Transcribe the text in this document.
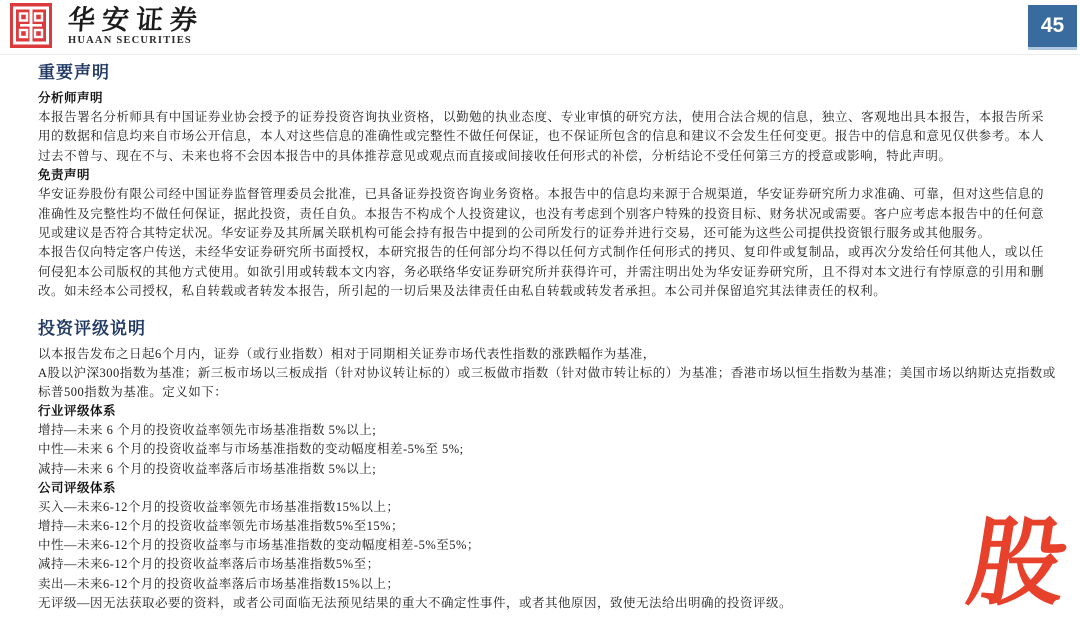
华安证券
HUAAN SECURITIES
45
重要声明
分析师声明

本报告署名分析师具有中国证券业协会授予的证券投资咨询执业资格，以勤勉的执业态度、专业审慎的研究方法，使用合法合规的信息，独立、客观地出具本报告，本报告所采用的数据和信息均来自市场公开信息，本人对这些信息的准确性或完整性不做任何保证，也不保证所包含的信息和建议不会发生任何变更。报告中的信息和意见仅供参考。本人过去不曾与、现在不与、未来也将不会因本报告中的具体推荐意见或观点而直接或间接收任何形式的补偿，分析结论不受任何第三方的授意或影响，特此声明。

免责声明

华安证券股份有限公司经中国证券监督管理委员会批准，已具备证券投资咨询业务资格。本报告中的信息均来源于合规渠道，华安证券研究所力求准确、可靠，但对这些信息的准确性及完整性均不做任何保证，据此投资，责任自负。本报告不构成个人投资建议，也没有考虑到个别客户特殊的投资目标、财务状况或需要。客户应考虑本报告中的任何意见或建议是否符合其特定状况。华安证券及其所属关联机构可能会持有报告中提到的公司所发行的证券并进行交易，还可能为这些公司提供投资银行服务或其他服务。

本报告仅向特定客户传送，未经华安证券研究所书面授权，本研究报告的任何部分均不得以任何方式制作任何形式的拷贝、复印件或复制品，或再次分发给任何其他人，或以任何侵犯本公司版权的其他方式使用。如欲引用或转载本文内容，务必联络华安证券研究所并获得许可，并需注明出处为华安证券研究所，且不得对本文进行有悖原意的引用和删改。如未经本公司授权，私自转载或者转发本报告，所引起的一切后果及法律责任由私自转载或转发者承担。本公司并保留追究其法律责任的权利。

投资评级说明
以本报告发布之日起6个月内，证券（或行业指数）相对于同期相关证券市场代表性指数的涨跌幅作为基准，
A股以沪深300指数为基准；新三板市场以三板成指（针对协议转让标的）或三板做市指数（针对做市转让标的）为基准；香港市场以恒生指数为基准；美国市场以纳斯达克指数或
标普500指数为基准。定义如下：
行业评级体系
增持—未来 6 个月的投资收益率领先市场基准指数 5%以上;
中性—未来 6 个月的投资收益率与市场基准指数的变动幅度相差-5%至 5%;
减持—未来 6 个月的投资收益率落后市场基准指数 5%以上;
公司评级体系
买入—未来6-12个月的投资收益率领先市场基准指数15%以上；
增持—未来6-12个月的投资收益率领先市场基准指数5%至15%；
中性—未来6-12个月的投资收益率与市场基准指数的变动幅度相差-5%至5%；
减持—未来6-12个月的投资收益率落后市场基准指数5%至；
卖出—未来6-12个月的投资收益率落后市场基准指数15%以上；
无评级—因无法获取必要的资料，或者公司面临无法预见结果的重大不确定性事件，或者其他原因，致使无法给出明确的投资评级。	股
